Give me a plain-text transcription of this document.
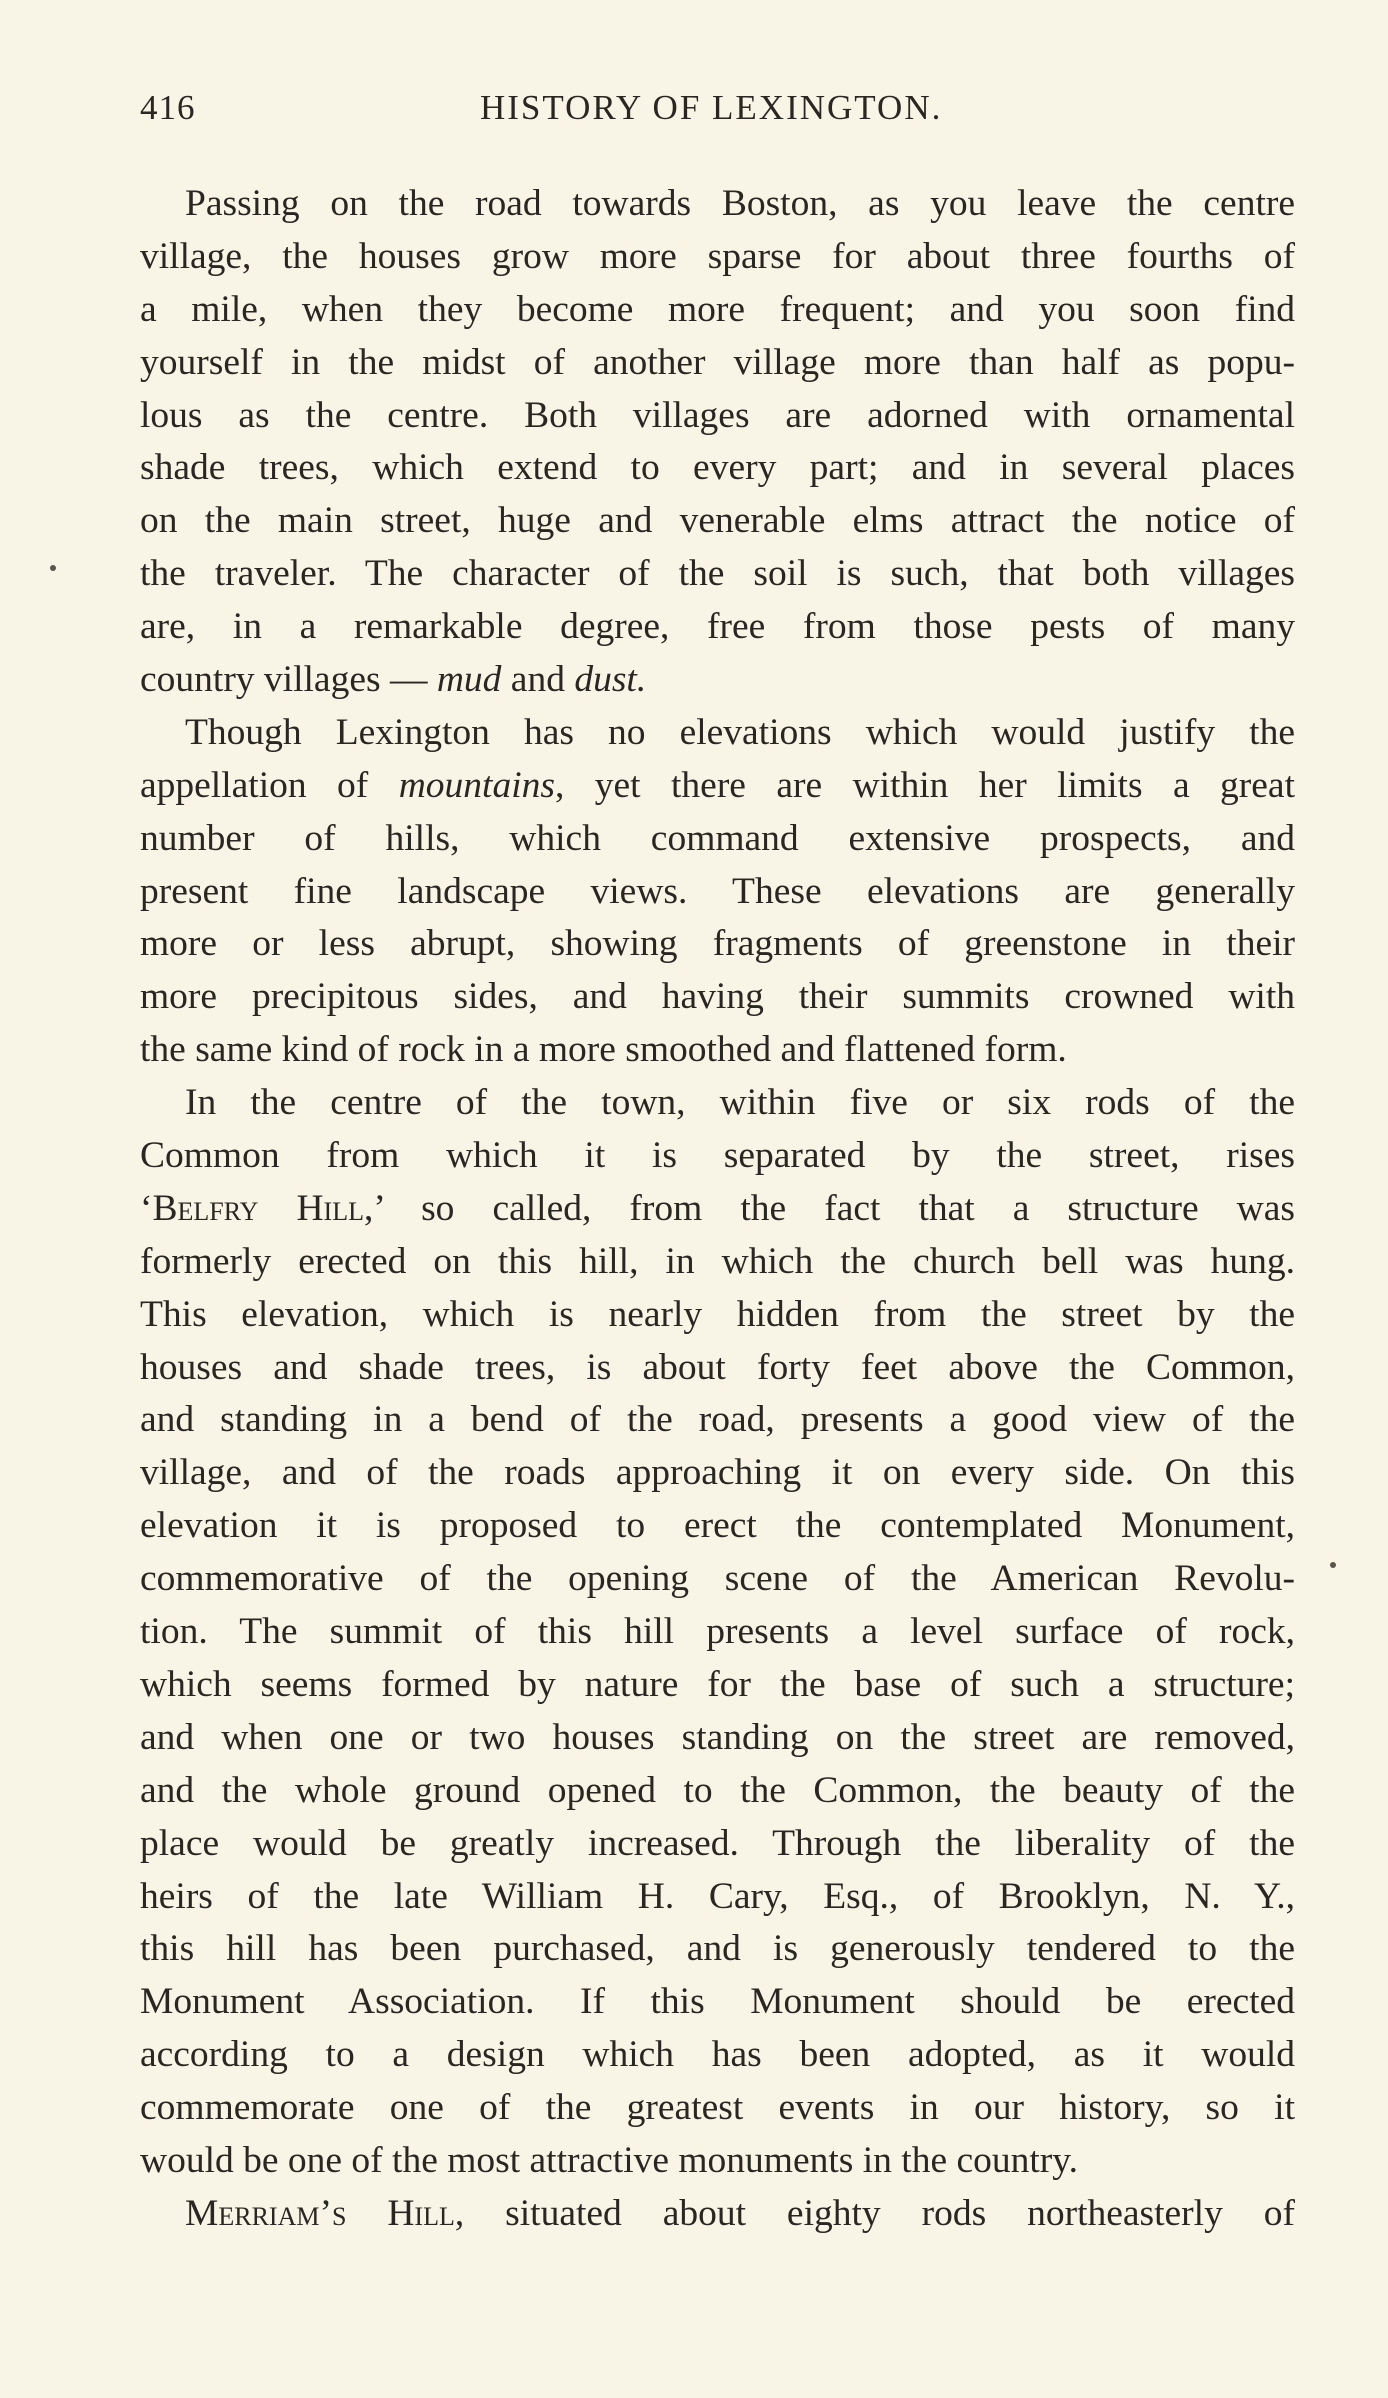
416	HISTORY OF LEXINGTON.
Passing on the road towards Boston, as you leave the centre
village, the houses grow more sparse for about three fourths of
a mile, when they become more frequent; and you soon find
yourself in the midst of another village more than half as popu-
lous as the centre. Both villages are adorned with ornamental
shade trees, which extend to every part; and in several places
on the main street, huge and venerable elms attract the notice of
the traveler. The character of the soil is such, that both villages
are, in a remarkable degree, free from those pests of many
country villages — mud and dust.
Though Lexington has no elevations which would justify the
appellation of mountains, yet there are within her limits a great
number of hills, which command extensive prospects, and
present fine landscape views. These elevations are generally
more or less abrupt, showing fragments of greenstone in their
more precipitous sides, and having their summits crowned with
the same kind of rock in a more smoothed and flattened form.
In the centre of the town, within five or six rods of the
Common from which it is separated by the street, rises
‘Belfry Hill,’ so called, from the fact that a structure was
formerly erected on this hill, in which the church bell was hung.
This elevation, which is nearly hidden from the street by the
houses and shade trees, is about forty feet above the Common,
and standing in a bend of the road, presents a good view of the
village, and of the roads approaching it on every side. On this
elevation it is proposed to erect the contemplated Monument,
commemorative of the opening scene of the American Revolu-
tion. The summit of this hill presents a level surface of rock,
which seems formed by nature for the base of such a structure;
and when one or two houses standing on the street are removed,
and the whole ground opened to the Common, the beauty of the
place would be greatly increased. Through the liberality of the
heirs of the late William H. Cary, Esq., of Brooklyn, N. Y.,
this hill has been purchased, and is generously tendered to the
Monument Association. If this Monument should be erected
according to a design which has been adopted, as it would
commemorate one of the greatest events in our history, so it
would be one of the most attractive monuments in the country.
Merriam’s Hill, situated about eighty rods northeasterly of
